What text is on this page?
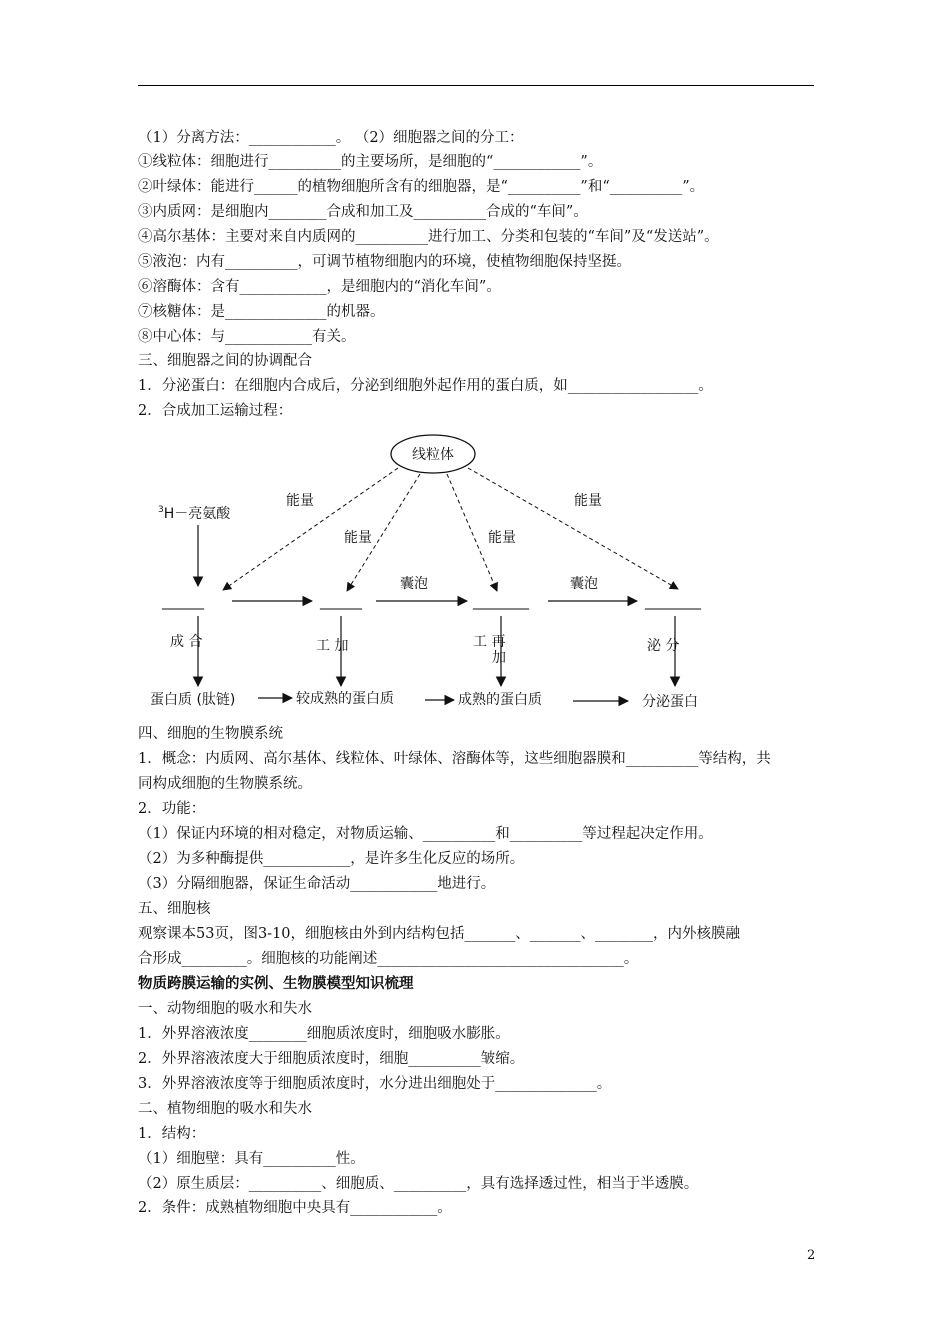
（1）分离方法：____________。 （2）细胞器之间的分工：
①线粒体：细胞进行__________的主要场所，是细胞的“____________”。
②叶绿体：能进行______的植物细胞所含有的细胞器，是“__________”和“__________”。
③内质网：是细胞内________合成和加工及__________合成的“车间”。
④高尔基体：主要对来自内质网的__________进行加工、分类和包装的“车间”及“发送站”。
⑤液泡：内有__________，可调节植物细胞内的环境，使植物细胞保持坚挺。
⑥溶酶体：含有____________，是细胞内的“消化车间”。
⑦核糖体：是______________的机器。
⑧中心体：与____________有关。
三、细胞器之间的协调配合
1．分泌蛋白：在细胞内合成后，分泌到细胞外起作用的蛋白质，如__________________。
2．合成加工运输过程：
线粒体
能量
能量	能量
能量
$^3$H－亮氨酸
______	______
囊泡
________
囊泡
________
成 合	工 加	工 再
加
泌 分
蛋白质 (肽链)	较成熟的蛋白质	成熟的蛋白质	分泌蛋白
四、细胞的生物膜系统
1．概念：内质网、高尔基体、线粒体、叶绿体、溶酶体等，这些细胞器膜和__________等结构，共
同构成细胞的生物膜系统。
2．功能：
（1）保证内环境的相对稳定，对物质运输、__________和__________等过程起决定作用。
（2）为多种酶提供____________，是许多生化反应的场所。
（3）分隔细胞器，保证生命活动____________地进行。
五、细胞核
观察课本53页，图3-10，细胞核由外到内结构包括_______、_______、________，内外核膜融
合形成_________。细胞核的功能阐述__________________________________。
物质跨膜运输的实例、生物膜模型知识梳理
一、动物细胞的吸水和失水
1．外界溶液浓度________细胞质浓度时，细胞吸水膨胀。
2．外界溶液浓度大于细胞质浓度时，细胞__________皱缩。
3．外界溶液浓度等于细胞质浓度时，水分进出细胞处于______________。
二、植物细胞的吸水和失水
1．结构：
（1）细胞壁：具有__________性。
（2）原生质层：__________、细胞质、__________，具有选择透过性，相当于半透膜。
2．条件：成熟植物细胞中央具有____________。
2
